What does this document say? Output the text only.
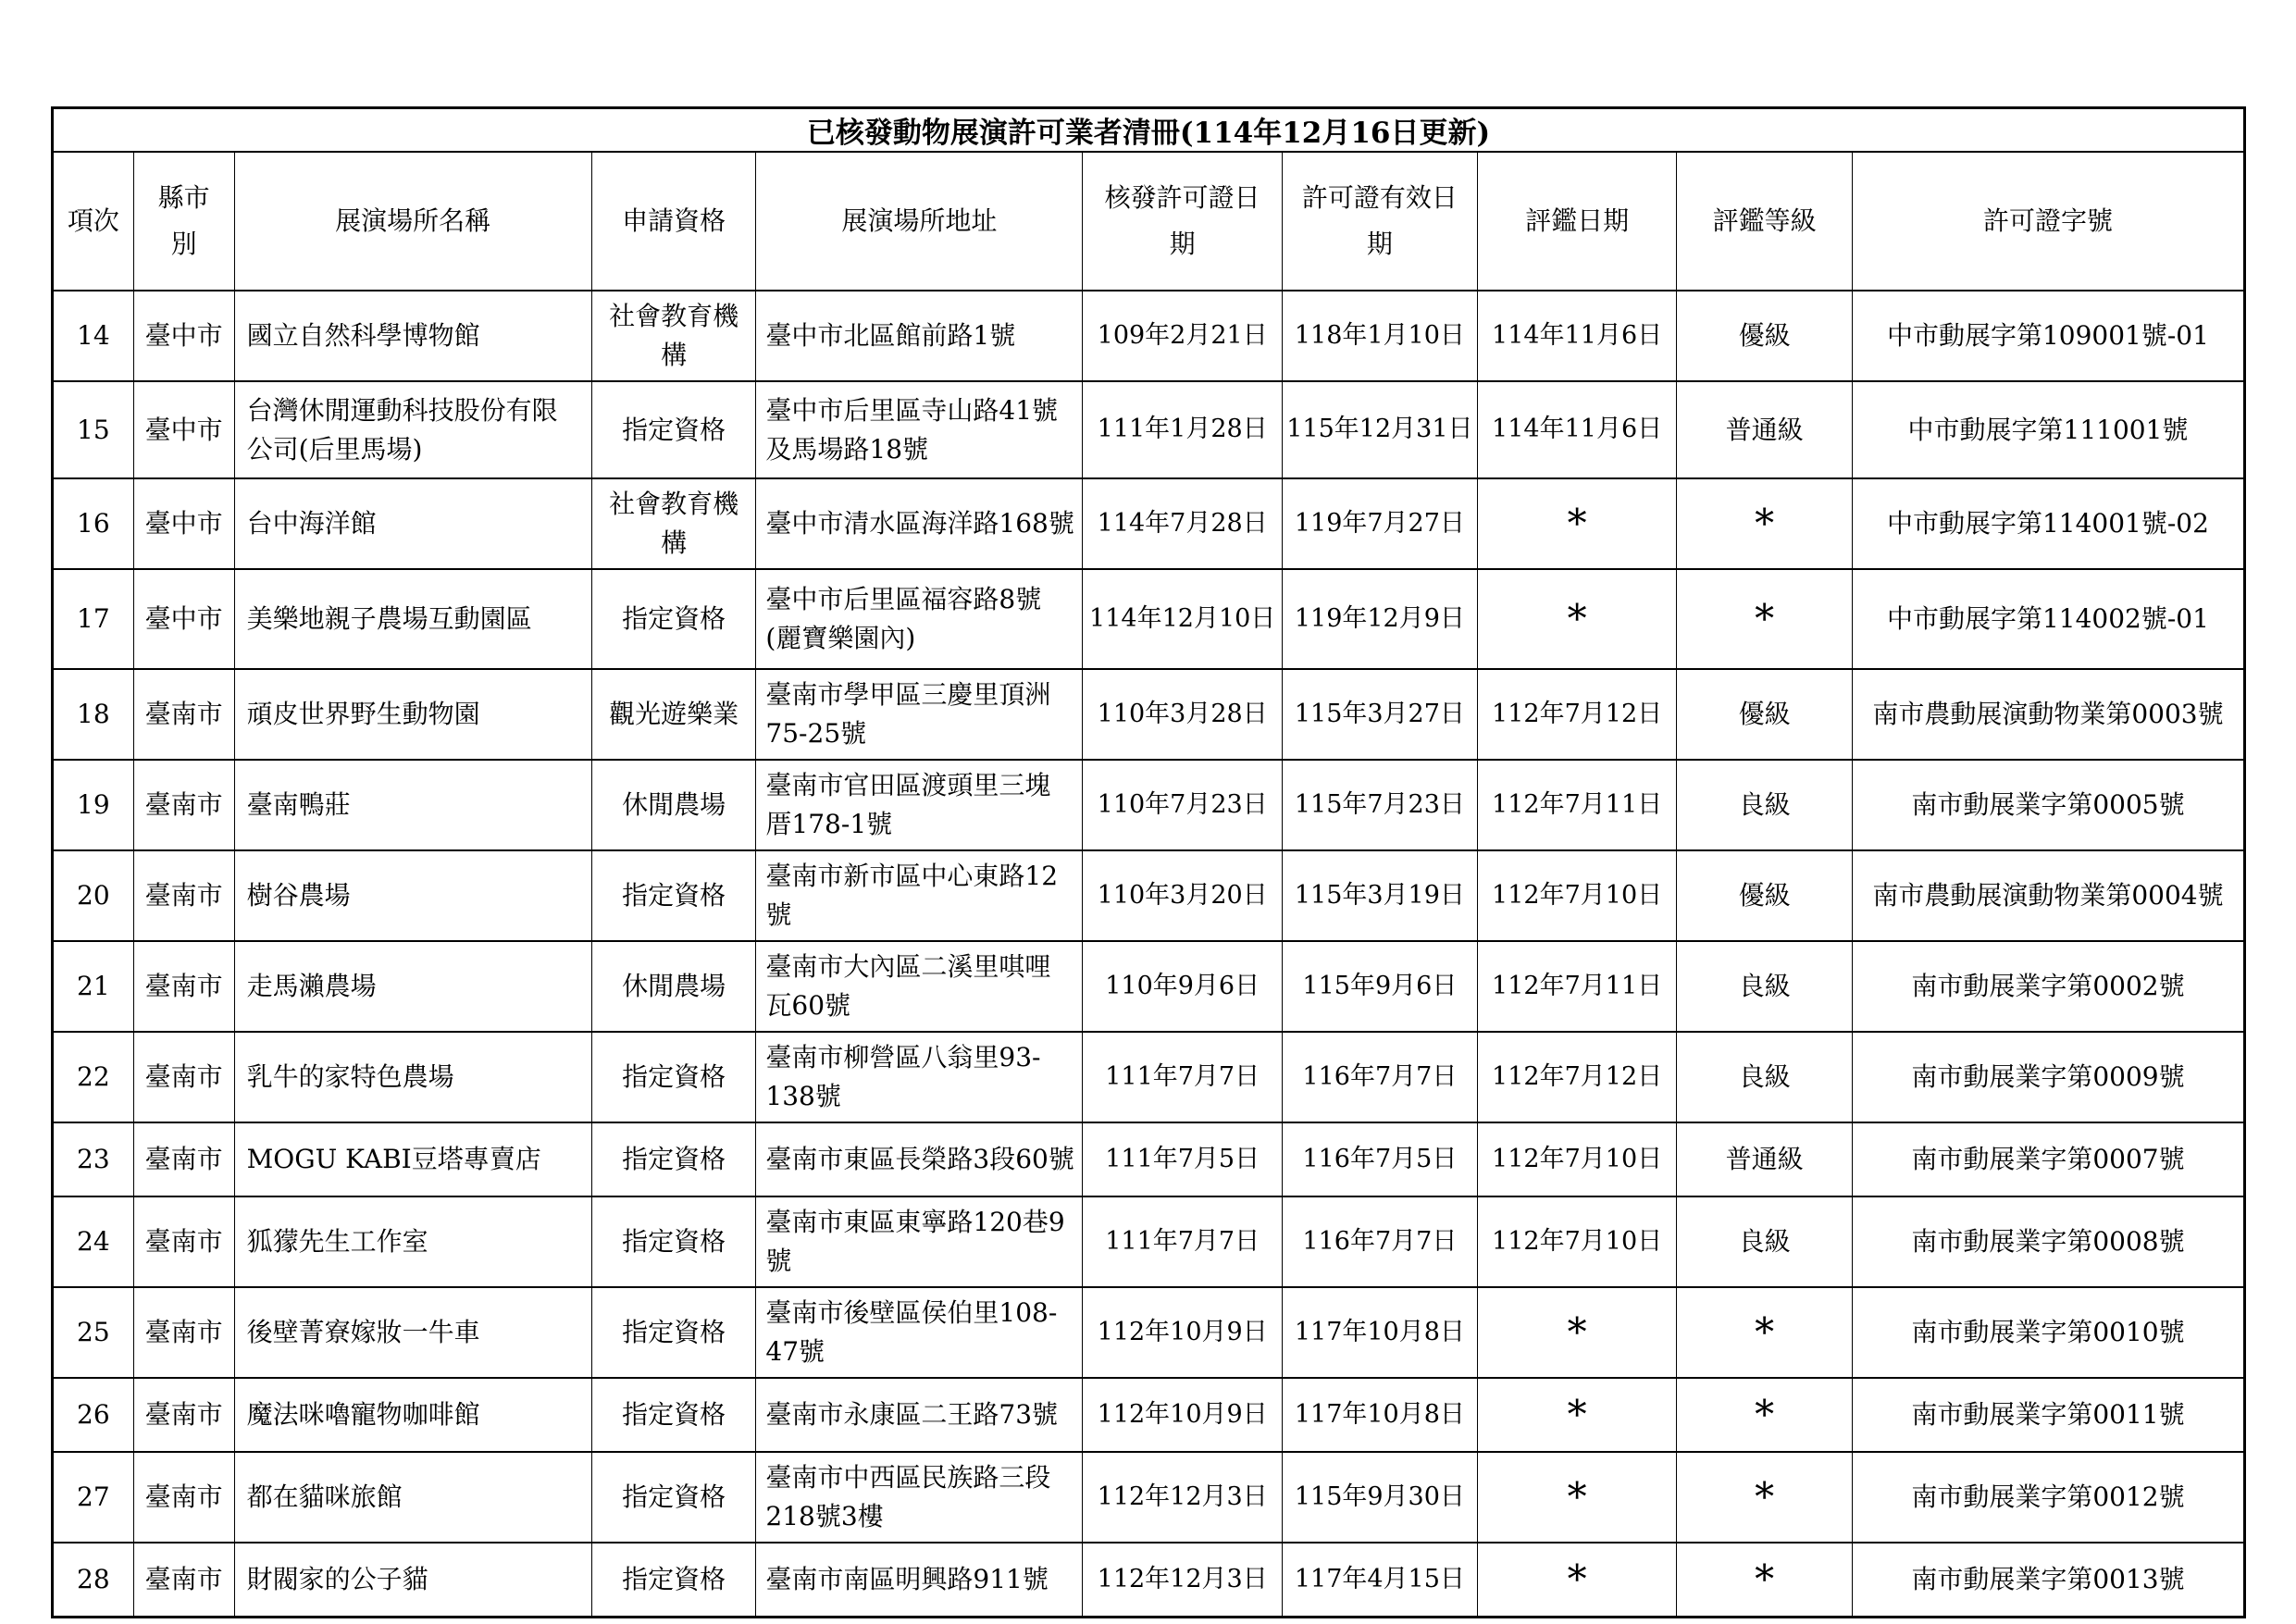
已核發動物展演許可業者清冊(114年12月16日更新)									
項次	縣市別	展演場所名稱	申請資格	展演場所地址	核發許可證日期	許可證有效日期	評鑑日期	評鑑等級	許可證字號
14	臺中市	國立自然科學博物館	社會教育機構	臺中市北區館前路1號	109年2月21日	118年1月10日	114年11月6日	優級	中市動展字第109001號-01
15	臺中市	台灣休閒運動科技股份有限公司(后里馬場)	指定資格	臺中市后里區寺山路41號及馬場路18號	111年1月28日	115年12月31日	114年11月6日	普通級	中市動展字第111001號
16	臺中市	台中海洋館	社會教育機構	臺中市清水區海洋路168號	114年7月28日	119年7月27日	*	*	中市動展字第114001號-02
17	臺中市	美樂地親子農場互動園區	指定資格	臺中市后里區福容路8號(麗寶樂園內)	114年12月10日	119年12月9日	*	*	中市動展字第114002號-01
18	臺南市	頑皮世界野生動物園	觀光遊樂業	臺南市學甲區三慶里頂洲75-25號	110年3月28日	115年3月27日	112年7月12日	優級	南市農動展演動物業第0003號
19	臺南市	臺南鴨莊	休閒農場	臺南市官田區渡頭里三塊厝178-1號	110年7月23日	115年7月23日	112年7月11日	良級	南市動展業字第0005號
20	臺南市	樹谷農場	指定資格	臺南市新市區中心東路12號	110年3月20日	115年3月19日	112年7月10日	優級	南市農動展演動物業第0004號
21	臺南市	走馬瀨農場	休閒農場	臺南市大內區二溪里唭哩瓦60號	110年9月6日	115年9月6日	112年7月11日	良級	南市動展業字第0002號
22	臺南市	乳牛的家特色農場	指定資格	臺南市柳營區八翁里93-138號	111年7月7日	116年7月7日	112年7月12日	良級	南市動展業字第0009號
23	臺南市	MOGU KABI豆塔專賣店	指定資格	臺南市東區長榮路3段60號	111年7月5日	116年7月5日	112年7月10日	普通級	南市動展業字第0007號
24	臺南市	狐獴先生工作室	指定資格	臺南市東區東寧路120巷9號	111年7月7日	116年7月7日	112年7月10日	良級	南市動展業字第0008號
25	臺南市	後壁菁寮嫁妝一牛車	指定資格	臺南市後壁區侯伯里108-47號	112年10月9日	117年10月8日	*	*	南市動展業字第0010號
26	臺南市	魔法咪嚕寵物咖啡館	指定資格	臺南市永康區二王路73號	112年10月9日	117年10月8日	*	*	南市動展業字第0011號
27	臺南市	都在貓咪旅館	指定資格	臺南市中西區民族路三段218號3樓	112年12月3日	115年9月30日	*	*	南市動展業字第0012號
28	臺南市	財閥家的公子貓	指定資格	臺南市南區明興路911號	112年12月3日	117年4月15日	*	*	南市動展業字第0013號
